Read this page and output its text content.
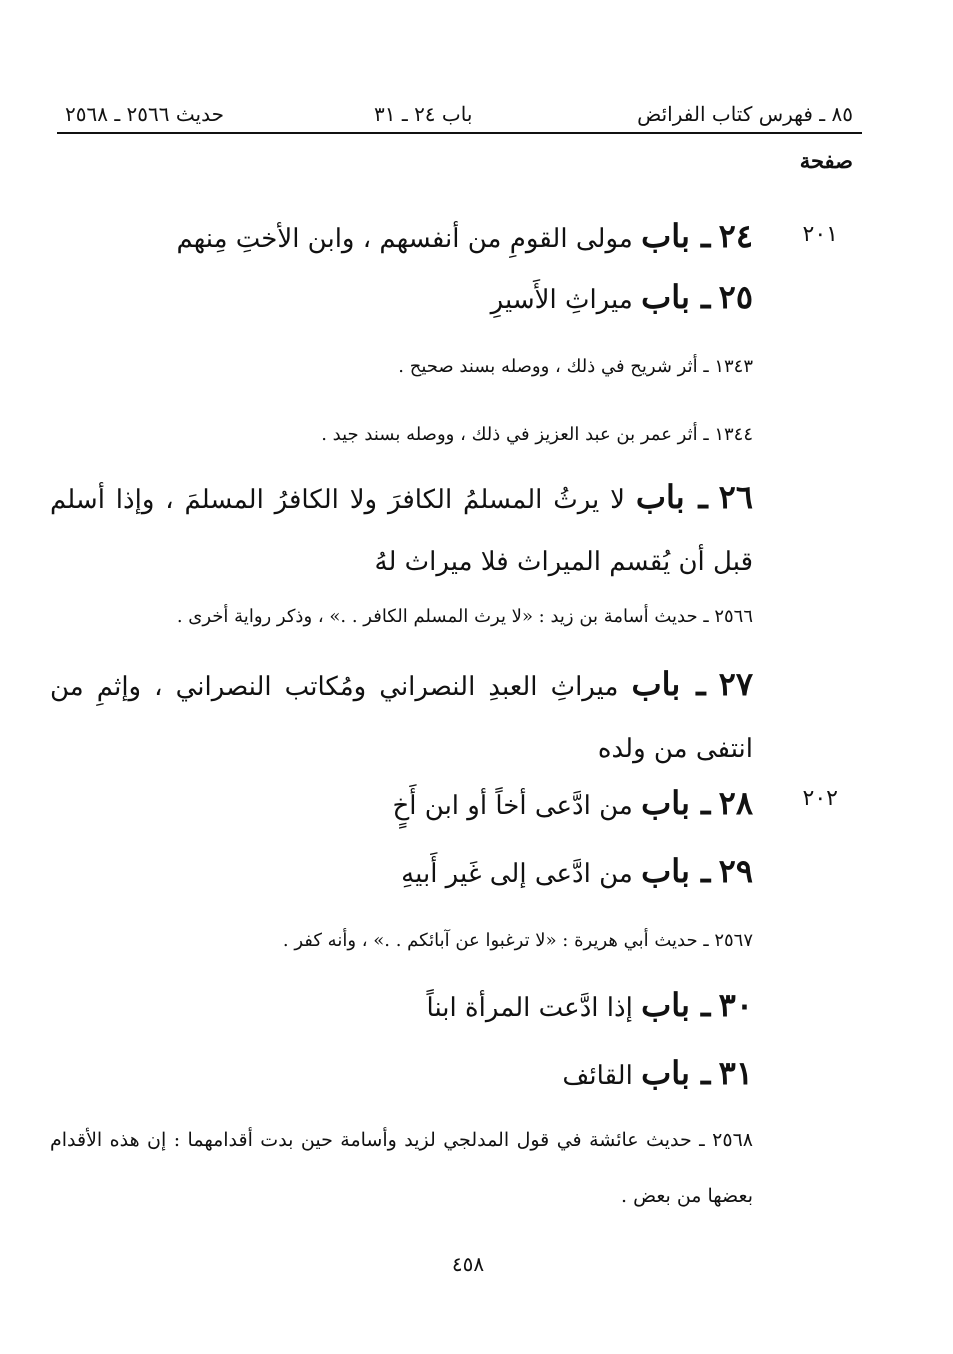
٨٥ ـ فهرس كتاب الفرائض
باب ٢٤ ـ ٣١
حديث ٢٥٦٦ ـ ٢٥٦٨
صفحة
٢٠١
٢٠٢
٢٤ ـ باب مولى القومِ من أنفسهم ، وابن الأختِ مِنهم
٢٥ ـ باب ميراثِ الأَسيرِ
١٣٤٣ ـ أثر شريح في ذلك ، ووصله بسند صحيح .
١٣٤٤ ـ أثر عمر بن عبد العزيز في ذلك ، ووصله بسند جيد .
٢٦ ـ باب لا يرثُ المسلمُ الكافرَ ولا الكافرُ المسلمَ ، وإذا أسلم قبل أن يُقسم الميراث فلا ميراث لهُ
٢٥٦٦ ـ حديث أسامة بن زيد : «لا يرث المسلم الكافر . .» ، وذكر رواية أخرى .
٢٧ ـ باب ميراثِ العبدِ النصراني ومُكاتب النصراني ، وإثمِ من انتفى من ولده
٢٨ ـ باب من ادَّعى أخاً أو ابن أَخٍ
٢٩ ـ باب من ادَّعى إلى غَير أَبيهِ
٢٥٦٧ ـ حديث أبي هريرة : «لا ترغبوا عن آبائكم . .» ، وأنه كفر .
٣٠ ـ باب إذا ادَّعت المرأة ابناً
٣١ ـ باب القائف
٢٥٦٨ ـ حديث عائشة في قول المدلجي لزيد وأسامة حين بدت أقدامهما : إن هذه الأقدام بعضها من بعض .
٤٥٨
